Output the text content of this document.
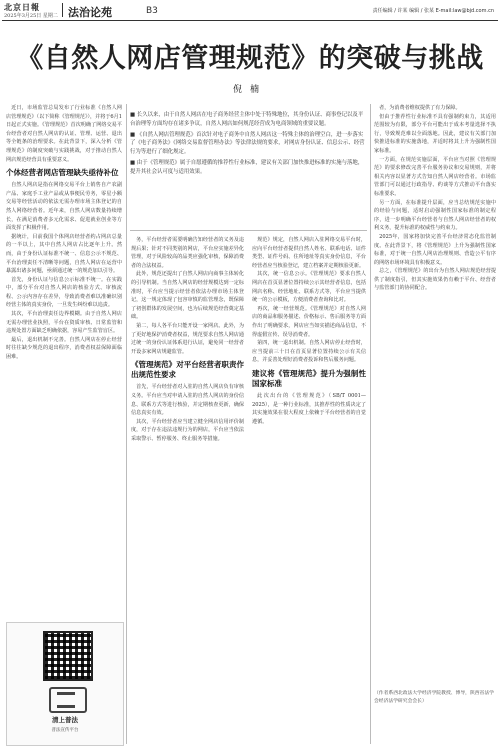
北京日報
2025年3月25日 星期二 法治论苑	B3	责任编辑 / 许某 编辑 / 张某 E-mail:law@bjd.com.cn
《自然人网店管理规范》的突破与挑战
倪楠

■ 长久以来，由于自然人网店在电子商务经营主体中处于特殊地位，其身份认证、商事登记以及平台治理等方面均存在诸多争议，自然人网店如何规范经营成为电商领域的重要议题。

■ 《自然人网店管理规范》首次针对电子商务中自然人网店这一特殊主体的治理空白，进一步落实了《电子商务法》《网络交易监督管理办法》等法律法规的要求，对网店身份认证、信息公示、经营行为等进行了细化规定。

■ 由于《管理规范》属于自愿遵循的推荐性行业标准，建议有关部门加快推进标准的实施与落地，提升其社会认可度与适用效果。

近日，市场监管总局发布了行业标准《自然人网店管理规范》（以下简称《管理规范》），并将于6月1日起正式实施。《管理规范》首次明确了网络交易平台经营者对自然人网店的认证、管理、运营、退出等全链条的治理要求。在此背景下，深入分析《管理规范》的制度突破与实践挑战，对于推动自然人网店规范经营具有重要意义。

个体经营者网店管理缺失亟待补位

自然人网店是指在网络交易平台上销售自产农副产品、家庭手工业产品或从事便民劳务，零星小额交易等经营活动的依法无需办理市场主体登记的自然人网络经营者。近年来，自然人网店数量持续增长，在满足消费者多元化需求、促进就业创业等方面发挥了积极作用。

据统计，目前我国个体网店经营者约占网店总量的一半以上，其中自然人网店占比逐年上升。然而，由于身份认证标准不统一、信息公示不规范、平台治理责任不清晰等问题，自然人网店在运营中暴露出诸多问题，亟须通过统一的规范加以引导。

首先，身份认证与信息公示标准不统一。在实践中，部分平台对自然人网店的核验方式、审核流程、公示内容存在差异，导致消费者难以准确识别经营主体的真实身份，一旦发生纠纷难以追责。

其次，平台治理责任边界模糊。由于自然人网店无需办理营业执照，平台在资质审核、日常监管和违规处置方面缺乏明确依据，容易产生监管盲区。

最后，退出机制不完善。自然人网店在停止经营时往往缺少规范的退出程序，消费者权益保障面临困难。

务，平台经营者需要明确告知经营者的义务及违规后果；针对不同类别的网店，平台应实施差异化管理，对于风险较高的品类应强化审核，保障消费者的合法权益。

此外，规范还提出了自然人网店向商事主体转化的引导机制。当自然人网店的经营规模达到一定标准时，平台应当提示经营者依法办理市场主体登记，这一规定体现了包容审慎的监管理念，既保障了初创群体的发展空间，也为后续规范经营奠定基础。

第二，每人各平台只能开设一家网店。此外，为了更好地保护消费者权益，规范要求自然人网店通过统一的身份认证体系进行认证，避免同一经营者开设多家网店规避监管。

《管理规范》对平台经营者职责作出规范性要求

首先，平台经营者对入驻的自然人网店负有审核义务。平台应当对申请入驻的自然人网店的身份信息、联系方式等进行核验，并定期核查更新，确保信息真实有效。

其次，平台经营者应当建立健全网店信用评价制度，对于存在违法违规行为的网店，平台应当依法采取警示、暂停服务、终止服务等措施。

规范》规定，自然人网店入驻网络交易平台时，应向平台经营者提供自然人姓名、联系电话、证件类型、证件号码、住所地址等真实身份信息，平台经营者应当核验登记，建立档案并定期核验更新。

其次，统一信息公示。《管理规范》要求自然人网店在首页显著位置持续公示其经营者信息，包括网店名称、经营地址、联系方式等，平台应当提供统一的公示模板，方便消费者查询和比对。

再次，统一经营规范。《管理规范》对自然人网店的商品和服务描述、价格标示、售后服务等方面作出了明确要求，网店应当如实描述商品信息，不得虚假宣传、误导消费者。

第四，统一退出机制。自然人网店停止经营时，应当提前三十日在首页显著位置持续公示有关信息，并妥善处理好消费者投诉和售后服务问题。

建议将《管理规范》提升为强制性国家标准

此次出台的《管理规范》（SB/T 0001—2025），是一种行业标准，其推荐性的性质决定了其实施效果在很大程度上依赖于平台经营者的自觉遵循。

者，为消费者维权提供了有力保障。

但由于推荐性行业标准不具有强制约束力，其适用范围较为有限，部分平台可能出于成本考量选择不执行，导致规范难以全面落地。因此，建议有关部门加快推进标准的实施落地，并适时将其上升为强制性国家标准。

一方面，在规范实施层面，平台应当对照《管理规范》的要求修改完善平台服务协议和交易规则，并将相关内容以显著方式告知自然人网店经营者。市场监管部门可以通过行政指导、约谈等方式推动平台落实标准要求。

另一方面，在标准提升层面，应当总结规范实施中的经验与问题，适时启动强制性国家标准的制定程序，进一步明确平台经营者与自然人网店经营者的权利义务，提升标准的权威性与约束力。

2025年，国家将加快完善平台经济常态化监管制度。在此背景下，将《管理规范》上升为强制性国家标准，对于统一自然人网店治理规则、营造公平有序的网络市场环境具有积极意义。

总之，《管理规范》的出台为自然人网店规范经营提供了制度指引，但其实施效果仍有赖于平台、经营者与监管部门的协同配合。

清上普法
普法宣传平台
（作者系西北政法大学经济学院教授、博导，陕西省法学会经济法学研究会会长）
